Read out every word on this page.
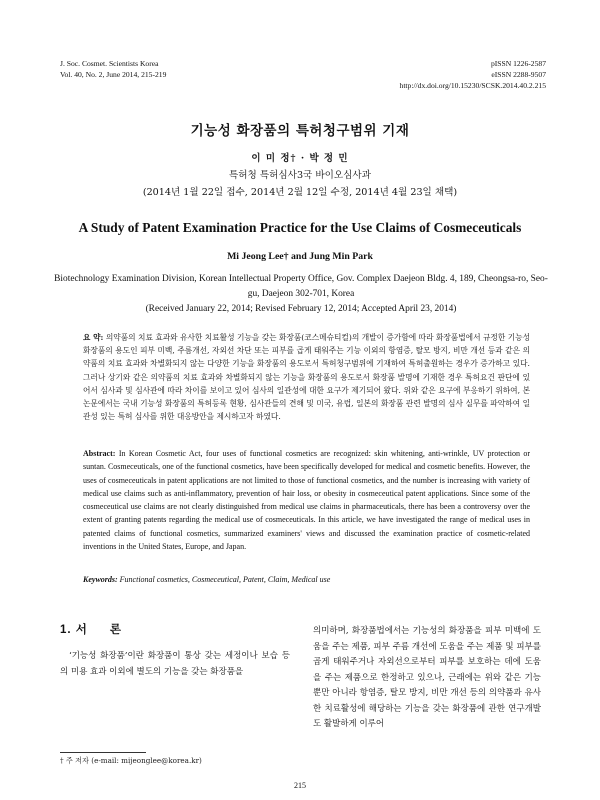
J. Soc. Cosmet. Scientists Korea
Vol. 40, No. 2, June 2014, 215-219
pISSN 1226-2587
eISSN 2288-9507
http://dx.doi.org/10.15230/SCSK.2014.40.2.215
기능성 화장품의 특허청구범위 기재
이 미 정† · 박 정 민
특허청 특허심사3국 바이오심사과
(2014년 1월 22일 접수, 2014년 2월 12일 수정, 2014년 4월 23일 채택)
A Study of Patent Examination Practice for the Use Claims of Cosmeceuticals
Mi Jeong Lee† and Jung Min Park
Biotechnology Examination Division, Korean Intellectual Property Office, Gov. Complex Daejeon Bldg. 4, 189, Cheongsa-ro, Seo-gu, Daejeon 302-701, Korea
(Received January 22, 2014; Revised February 12, 2014; Accepted April 23, 2014)
요 약: 의약품의 치료 효과와 유사한 치료활성 기능을 갖는 화장품(코스메슈티컬)의 개발이 증가함에 따라 화장품법에서 규정한 기능성 화장품의 용도인 피부 미백, 주름개선, 자외선 차단 또는 피부를 곱게 태워주는 기능 이외의 항염증, 탈모 방지, 비만 개선 등과 같은 의약품의 치료 효과와 차별화되지 않는 다양한 기능을 화장품의 용도로서 특허청구범위에 기재하여 특허출원하는 경우가 증가하고 있다. 그러나 상기와 같은 의약품의 치료 효과와 차별화되지 않는 기능을 화장품의 용도로서 화장품 발명에 기재한 경우 특허요건 판단에 있어서 심사과 및 심사관에 따라 차이를 보이고 있어 심사의 일관성에 대한 요구가 제기되어 왔다. 위와 같은 요구에 부응하기 위하여, 본 논문에서는 국내 기능성 화장품의 특허등록 현황, 심사관들의 견해 및 미국, 유럽, 일본의 화장품 관련 발명의 심사 실무를 파악하여 일관성 있는 특허 심사를 위한 대응방안을 제시하고자 하였다.
Abstract: In Korean Cosmetic Act, four uses of functional cosmetics are recognized: skin whitening, anti-wrinkle, UV protection or suntan. Cosmeceuticals, one of the functional cosmetics, have been specifically developed for medical and cosmetic benefits. However, the uses of cosmeceuticals in patent applications are not limited to those of functional cosmetics, and the number is increasing with variety of medical use claims such as anti-inflammatory, prevention of hair loss, or obesity in cosmeceutical patent applications. Since some of the cosmeceutical use claims are not clearly distinguished from medical use claims in pharmaceuticals, there has been a controversy over the extent of granting patents regarding the medical use of cosmeceuticals. In this article, we have investigated the range of medical uses in patented claims of functional cosmetics, summarized examiners' views and discussed the examination practice of cosmetic-related inventions in the United States, Europe, and Japan.
Keywords: Functional cosmetics, Cosmeceutical, Patent, Claim, Medical use
1. 서 론
‘기능성 화장품’이란 화장품이 통상 갖는 세정이나 보습 등의 미용 효과 이외에 별도의 기능을 갖는 화장품을
의미하며, 화장품법에서는 기능성의 화장품을 피부 미백에 도움을 주는 제품, 피부 주름 개선에 도움을 주는 제품 및 피부를 곱게 태워주거나 자외선으로부터 피부를 보호하는 데에 도움을 주는 제품으로 한정하고 있으나, 근래에는 위와 같은 기능뿐만 아니라 항염증, 탈모 방지, 비만 개선 등의 의약품과 유사한 치료활성에 해당하는 기능을 갖는 화장품에 관한 연구개발도 활발하게 이루어
† 주 저자 (e-mail: mijeonglee@korea.kr)
215
